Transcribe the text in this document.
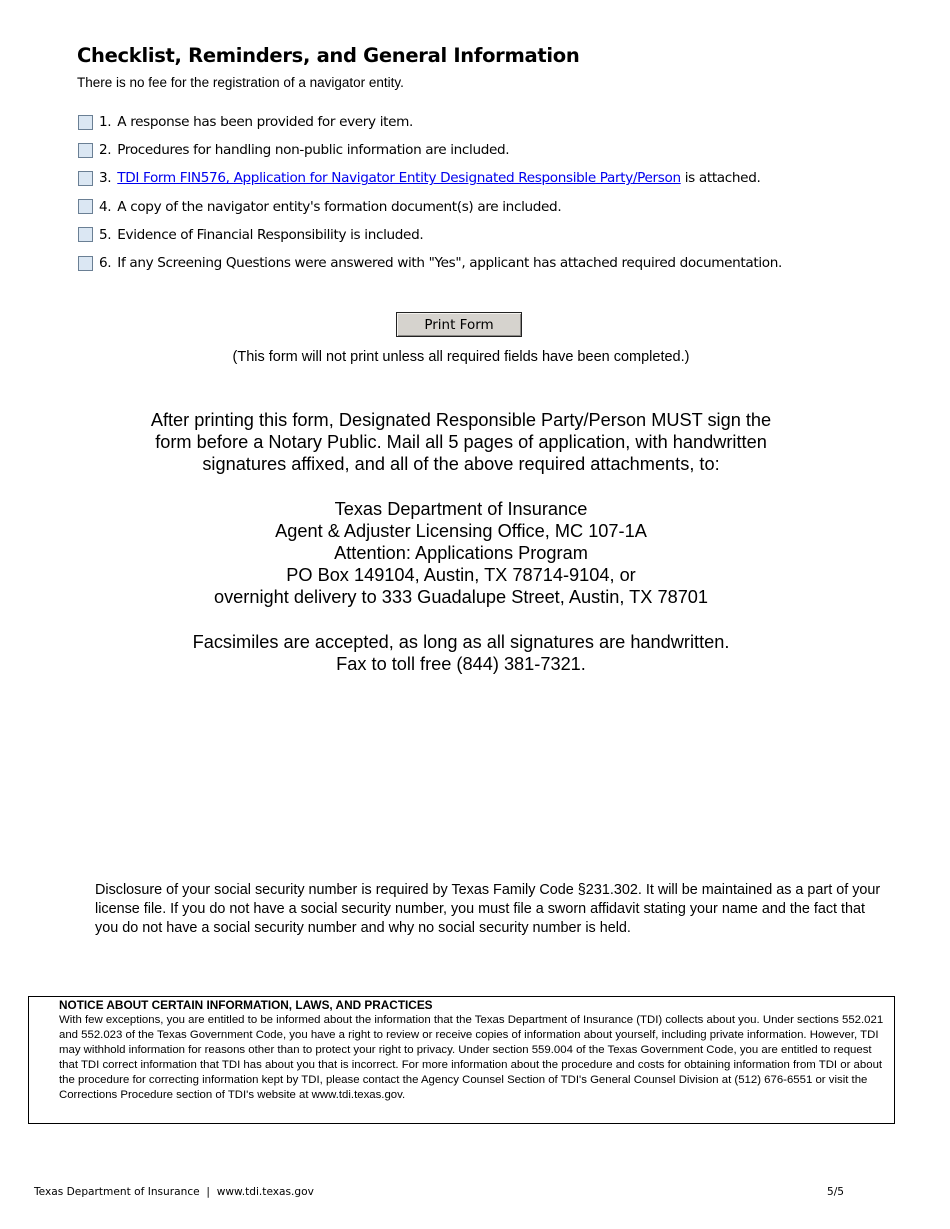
Checklist, Reminders, and General Information
There is no fee for the registration of a navigator entity.
1. A response has been provided for every item.
2. Procedures for handling non-public information are included.
3. TDI Form FIN576, Application for Navigator Entity Designated Responsible Party/Person is attached.
4. A copy of the navigator entity's formation document(s) are included.
5. Evidence of Financial Responsibility is included.
6. If any Screening Questions were answered with "Yes", applicant has attached required documentation.
Print Form
(This form will not print unless all required fields have been completed.)

After printing this form, Designated Responsible Party/Person MUST sign the

form before a Notary Public. Mail all 5 pages of application, with handwritten

signatures affixed, and all of the above required attachments, to:

Texas Department of Insurance

Agent & Adjuster Licensing Office, MC 107-1A

Attention: Applications Program

PO Box 149104, Austin, TX 78714-9104, or

overnight delivery to 333 Guadalupe Street, Austin, TX 78701

Facsimiles are accepted, as long as all signatures are handwritten.

Fax to toll free (844) 381-7321.

Disclosure of your social security number is required by Texas Family Code §231.302. It will be maintained as a part of your license file. If you do not have a social security number, you must file a sworn affidavit stating your name and the fact that you do not have a social security number and why no social security number is held.
NOTICE ABOUT CERTAIN INFORMATION, LAWS, AND PRACTICES
With few exceptions, you are entitled to be informed about the information that the Texas Department of Insurance (TDI) collects about you. Under sections 552.021 and 552.023 of the Texas Government Code, you have a right to review or receive copies of information about yourself, including private information. However, TDI may withhold information for reasons other than to protect your right to privacy. Under section 559.004 of the Texas Government Code, you are entitled to request that TDI correct information that TDI has about you that is incorrect. For more information about the procedure and costs for obtaining information from TDI or about the procedure for correcting information kept by TDI, please contact the Agency Counsel Section of TDI's General Counsel Division at (512) 676-6551 or visit the Corrections Procedure section of TDI's website at www.tdi.texas.gov.
Texas Department of Insurance  |  www.tdi.texas.gov	5/5
